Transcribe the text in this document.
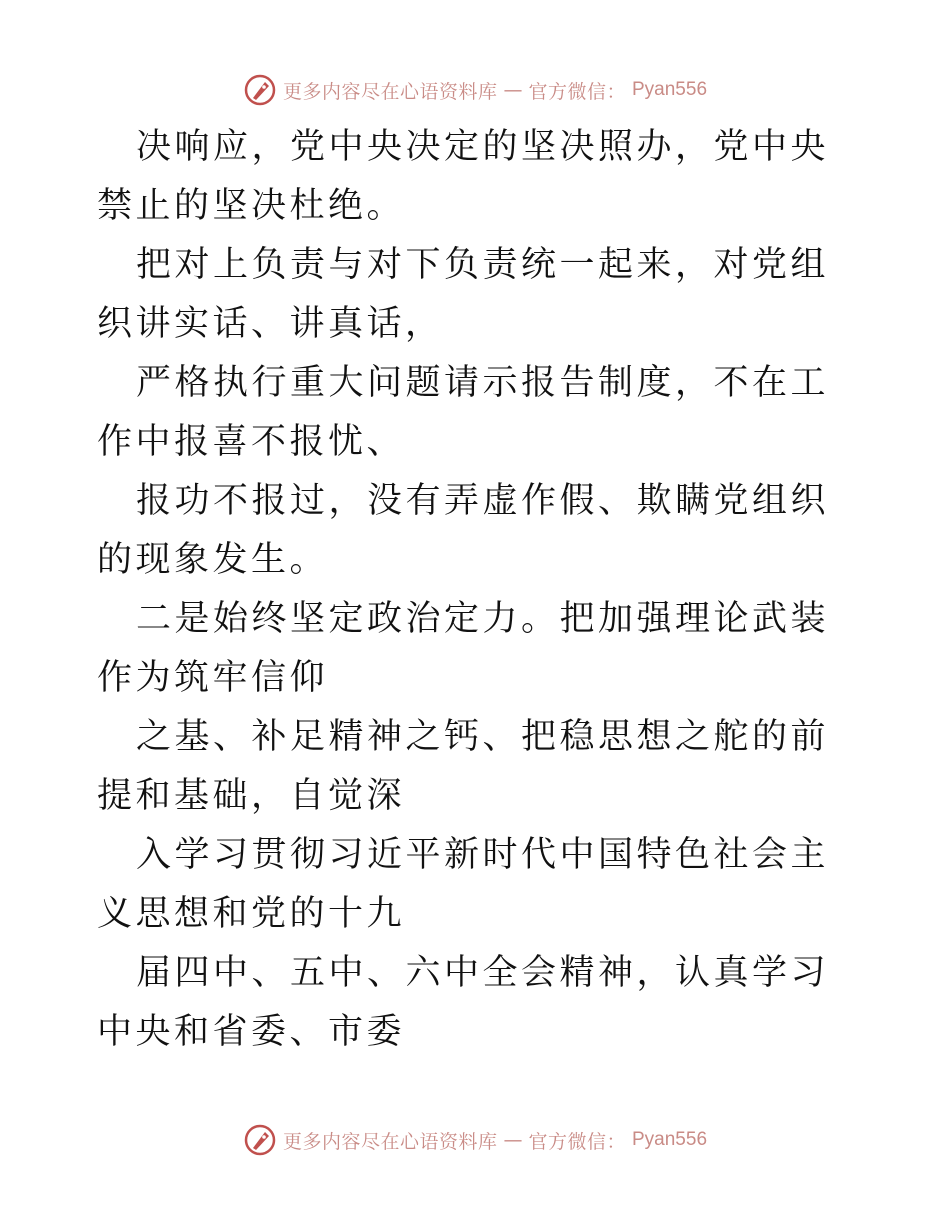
更多内容尽在心语资料库 — 官方微信： Pyan556

决响应，党中央决定的坚决照办，党中央禁止的坚决杜绝。

把对上负责与对下负责统一起来，对党组织讲实话、讲真话，

严格执行重大问题请示报告制度，不在工作中报喜不报忧、

报功不报过，没有弄虚作假、欺瞒党组织的现象发生。

二是始终坚定政治定力。把加强理论武装作为筑牢信仰

之基、补足精神之钙、把稳思想之舵的前提和基础，自觉深

入学习贯彻习近平新时代中国特色社会主义思想和党的十九

届四中、五中、六中全会精神，认真学习中央和省委、市委

更多内容尽在心语资料库 — 官方微信： Pyan556
